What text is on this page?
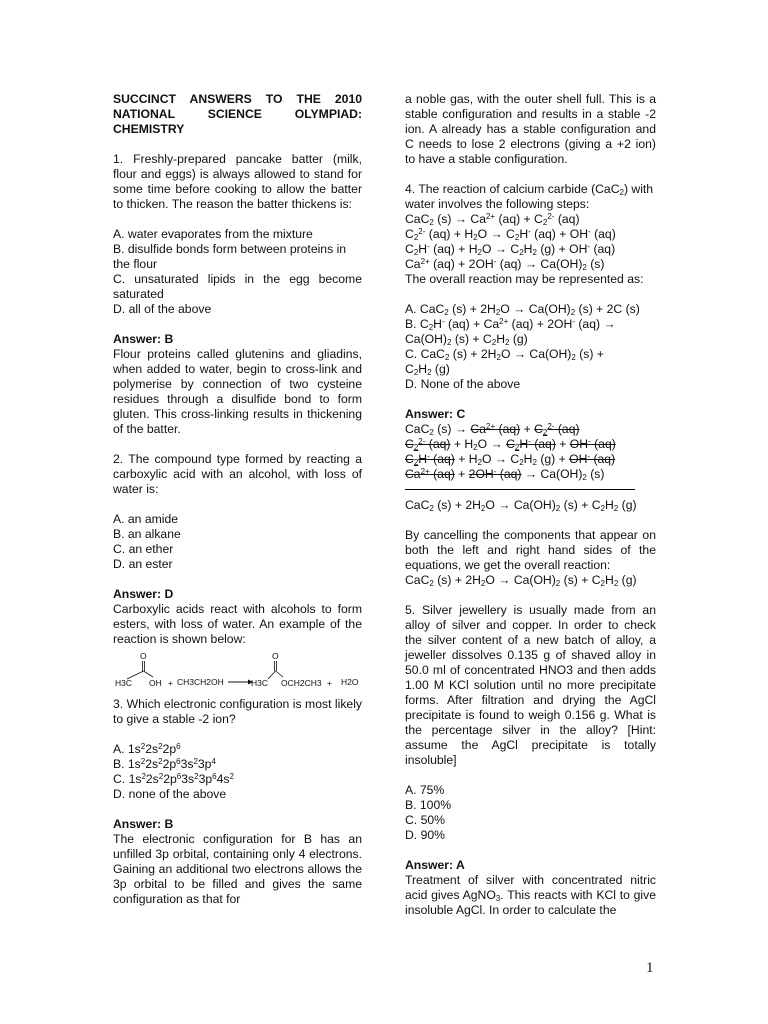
SUCCINCT ANSWERS TO THE 2010

NATIONAL SCIENCE OLYMPIAD:

CHEMISTRY

1. Freshly-prepared pancake batter (milk, flour and eggs) is always allowed to stand for some time before cooking to allow the batter to thicken. The reason the batter thickens is:

A. water evaporates from the mixture

B. disulfide bonds form between proteins in the flour

C. unsaturated lipids in the egg become saturated

D. all of the above

Answer: B

Flour proteins called glutenins and gliadins, when added to water, begin to cross-link and polymerise by connection of two cysteine residues through a disulfide bond to form gluten. This cross-linking results in thickening of the batter.

2. The compound type formed by reacting a carboxylic acid with an alcohol, with loss of water is:

A. an amide

B. an alkane

C. an ether

D. an ester

Answer: D

Carboxylic acids react with alcohols to form esters, with loss of water. An example of the reaction is shown below:

O
H3C OH + CH3CH2OH
O
H3C OCH2CH3 + H2O

3. Which electronic configuration is most likely to give a stable -2 ion?

A. $1s^22s^22p^6$

B. $1s^22s^22p^63s^23p^4$

C. $1s^22s^22p^63s^23p^64s^2$

D. none of the above

Answer: B

The electronic configuration for B has an unfilled 3p orbital, containing only 4 electrons. Gaining an additional two electrons allows the 3p orbital to be filled and gives the same configuration as that for

a noble gas, with the outer shell full. This is a stable configuration and results in a stable -2 ion. A already has a stable configuration and C needs to lose 2 electrons (giving a +2 ion) to have a stable configuration.

4. The reaction of calcium carbide (CaC$_2$) with water involves the following steps:

CaC$_2$ $(s) \to Ca^{2+}$ $(aq) + C_2^{2-}$ (aq)

$C_2^{2-}$ $(aq) + H_2O \to C_2H^-$ (aq) + OH- (aq)

$C_2H^-$ $(aq) + H_2O \to C_2H_2$ (g) + OH- (aq)

$Ca^{2+}$ (aq) + 2OH- $(aq) \to Ca(OH)_2$ (s)

The overall reaction may be represented as:

A. CaC$_2$ $(s) + 2H_2O \to Ca(OH)_2$ (s) + 2C (s)

B. $C_2H^-$ $(aq) + Ca^{2+}$ (aq) + 2OH- (aq) →
$Ca(OH)_2$ $(s) + C_2H_2$ (g)

C. CaC$_2$ $(s) + 2H_2O \to Ca(OH)_2$ (s) +
$C_2H_2$ (g)

D. None of the above

Answer: C

CaC$_2$ $(s) \to Ca^{2+}$ $(aq) + C_2^{2-}$ (aq)

$C_2^{2-}$ $(aq) + H_2O \to C_2H^-$ (aq) + OH- (aq)

$C_2H^-$ $(aq) + H_2O \to C_2H_2$ (g) + OH- (aq)

$Ca^{2+}$ (aq) + 2OH- $(aq) \to Ca(OH)_2$ (s)

CaC$_2$ $(s) + 2H_2O \to Ca(OH)_2$ $(s) + C_2H_2$ (g)

By cancelling the components that appear on both the left and right hand sides of the equations, we get the overall reaction:

CaC$_2$ $(s) + 2H_2O \to Ca(OH)_2$ $(s) + C_2H_2$ (g)

5. Silver jewellery is usually made from an alloy of silver and copper. In order to check the silver content of a new batch of alloy, a jeweller dissolves 0.135 g of shaved alloy in 50.0 ml of concentrated HNO3 and then adds 1.00 M KCl solution until no more precipitate forms. After filtration and drying the AgCl precipitate is found to weigh 0.156 g. What is the percentage silver in the alloy? [Hint: assume the AgCl precipitate is totally insoluble]

A. 75%

B. 100%

C. 50%

D. 90%

Answer: A

Treatment of silver with concentrated nitric acid gives AgNO$_3$. This reacts with KCl to give insoluble AgCl. In order to calculate the

1
